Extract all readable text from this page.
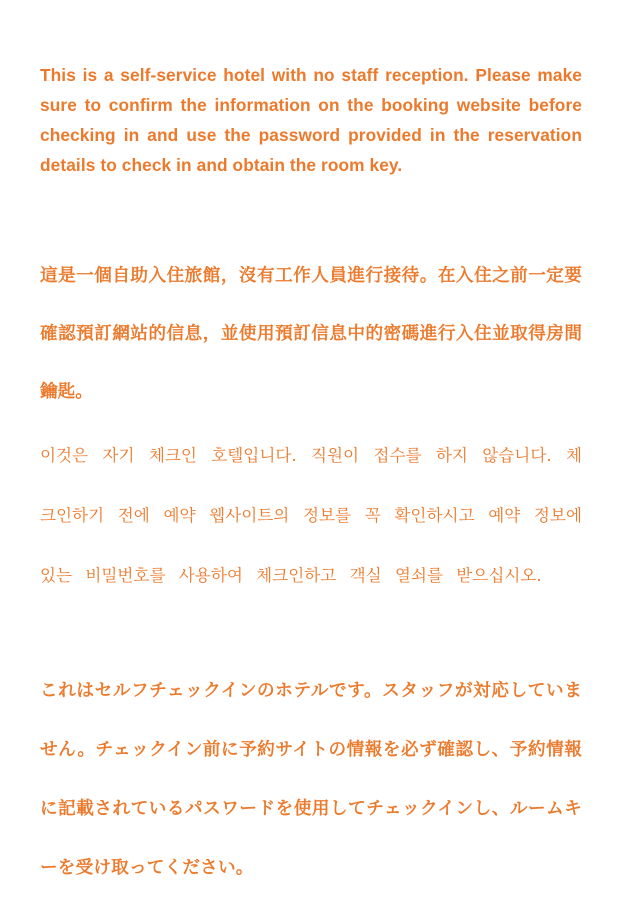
This is a self-service hotel with no staff reception. Please make sure to confirm the information on the booking website before checking in and use the password provided in the reservation details to check in and obtain the room key.

這是一個自助入住旅館，沒有工作人員進行接待。在入住之前一定要確認預訂網站的信息，並使用預訂信息中的密碼進行入住並取得房間鑰匙。

이것은 자기 체크인 호텔입니다. 직원이 접수를 하지 않습니다. 체크인하기 전에 예약 웹사이트의 정보를 꼭 확인하시고 예약 정보에 있는 비밀번호를 사용하여 체크인하고 객실 열쇠를 받으십시오.

これはセルフチェックインのホテルです。スタッフが対応していません。チェックイン前に予約サイトの情報を必ず確認し、予約情報に記載されているパスワードを使用してチェックインし、ルームキーを受け取ってください。
